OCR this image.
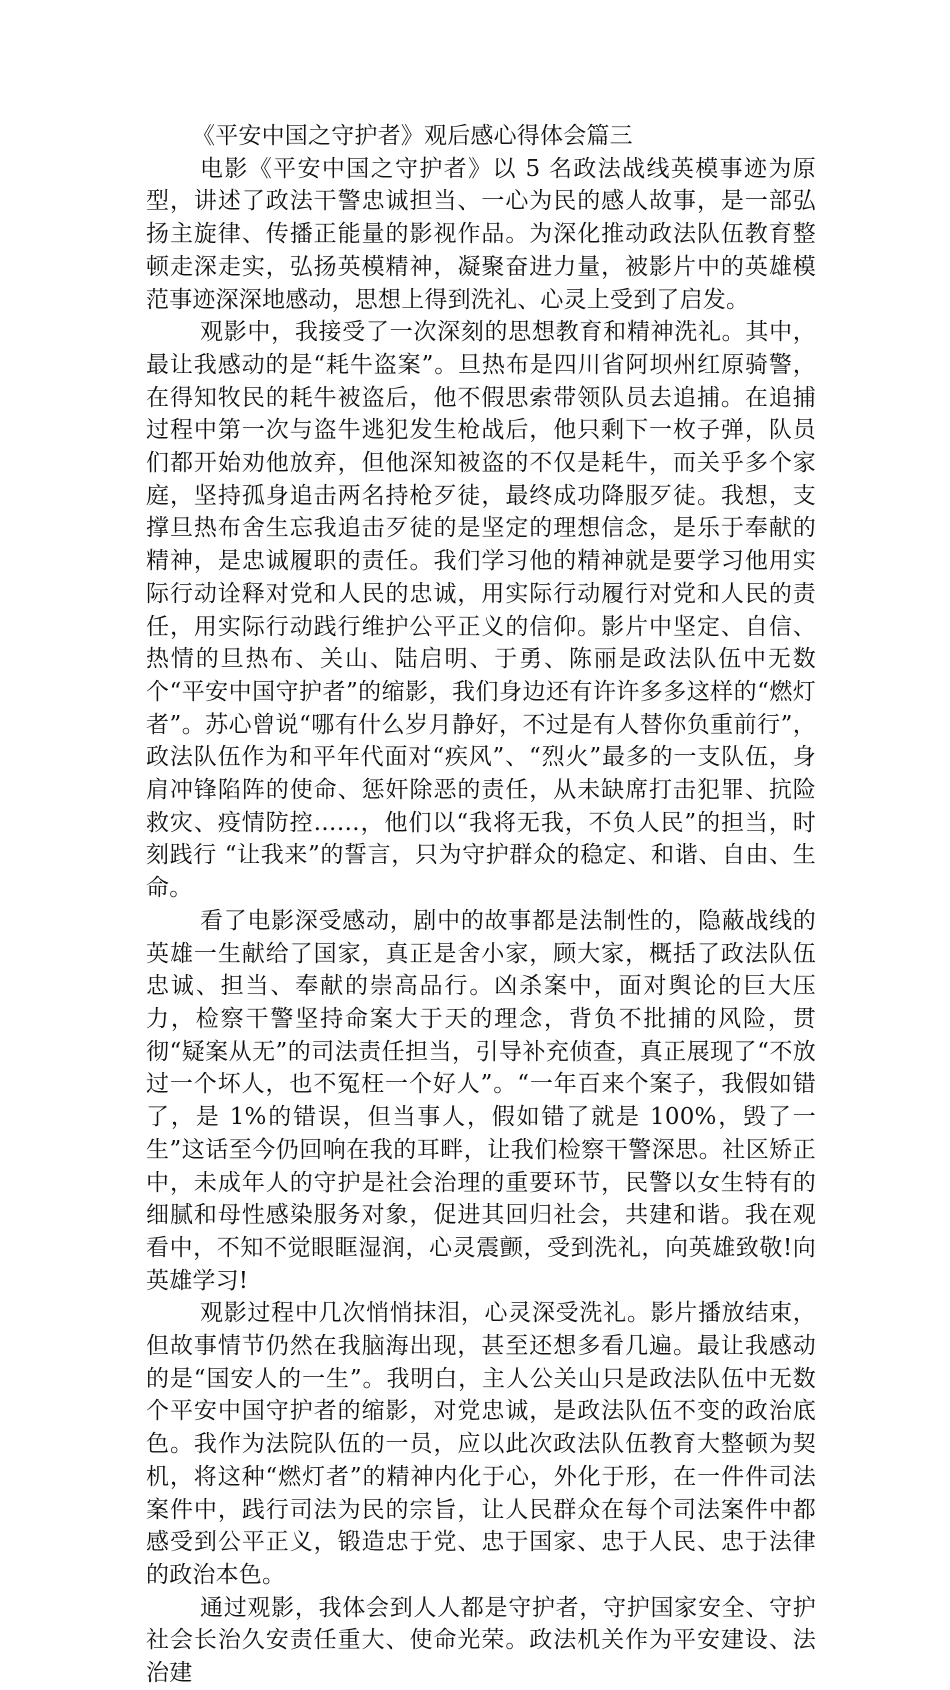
《平安中国之守护者》观后感心得体会篇三

电影《平安中国之守护者》以 5 名政法战线英模事迹为原型，讲述了政法干警忠诚担当、一心为民的感人故事，是一部弘扬主旋律、传播正能量的影视作品。为深化推动政法队伍教育整顿走深走实，弘扬英模精神，凝聚奋进力量，被影片中的英雄模范事迹深深地感动，思想上得到洗礼、心灵上受到了启发。

观影中，我接受了一次深刻的思想教育和精神洗礼。其中，最让我感动的是“耗牛盗案”。旦热布是四川省阿坝州红原骑警，在得知牧民的耗牛被盗后，他不假思索带领队员去追捕。在追捕过程中第一次与盗牛逃犯发生枪战后，他只剩下一枚子弹，队员们都开始劝他放弃，但他深知被盗的不仅是耗牛，而关乎多个家庭，坚持孤身追击两名持枪歹徒，最终成功降服歹徒。我想，支撑旦热布舍生忘我追击歹徒的是坚定的理想信念，是乐于奉献的精神，是忠诚履职的责任。我们学习他的精神就是要学习他用实际行动诠释对党和人民的忠诚，用实际行动履行对党和人民的责任，用实际行动践行维护公平正义的信仰。影片中坚定、自信、热情的旦热布、关山、陆启明、于勇、陈丽是政法队伍中无数个“平安中国守护者”的缩影，我们身边还有许许多多这样的“燃灯者”。苏心曾说“哪有什么岁月静好，不过是有人替你负重前行”，政法队伍作为和平年代面对“疾风”、“烈火”最多的一支队伍，身肩冲锋陷阵的使命、惩奸除恶的责任，从未缺席打击犯罪、抗险救灾、疫情防控……，他们以“我将无我，不负人民”的担当，时刻践行 “让我来”的誓言，只为守护群众的稳定、和谐、自由、生命。

看了电影深受感动，剧中的故事都是法制性的，隐蔽战线的英雄一生献给了国家，真正是舍小家，顾大家，概括了政法队伍忠诚、担当、奉献的崇高品行。凶杀案中，面对舆论的巨大压力，检察干警坚持命案大于天的理念，背负不批捕的风险，贯彻“疑案从无”的司法责任担当，引导补充侦查，真正展现了“不放过一个坏人，也不冤枉一个好人”。“一年百来个案子，我假如错了，是 1%的错误，但当事人，假如错了就是 100%，毁了一生”这话至今仍回响在我的耳畔，让我们检察干警深思。社区矫正中，未成年人的守护是社会治理的重要环节，民警以女生特有的细腻和母性感染服务对象，促进其回归社会，共建和谐。我在观看中，不知不觉眼眶湿润，心灵震颤，受到洗礼，向英雄致敬!向英雄学习!

观影过程中几次悄悄抹泪，心灵深受洗礼。影片播放结束，但故事情节仍然在我脑海出现，甚至还想多看几遍。最让我感动的是“国安人的一生”。我明白，主人公关山只是政法队伍中无数个平安中国守护者的缩影，对党忠诚，是政法队伍不变的政治底色。我作为法院队伍的一员，应以此次政法队伍教育大整顿为契机，将这种“燃灯者”的精神内化于心，外化于形，在一件件司法案件中，践行司法为民的宗旨，让人民群众在每个司法案件中都感受到公平正义，锻造忠于党、忠于国家、忠于人民、忠于法律的政治本色。

通过观影，我体会到人人都是守护者，守护国家安全、守护社会长治久安责任重大、使命光荣。政法机关作为平安建设、法治建
